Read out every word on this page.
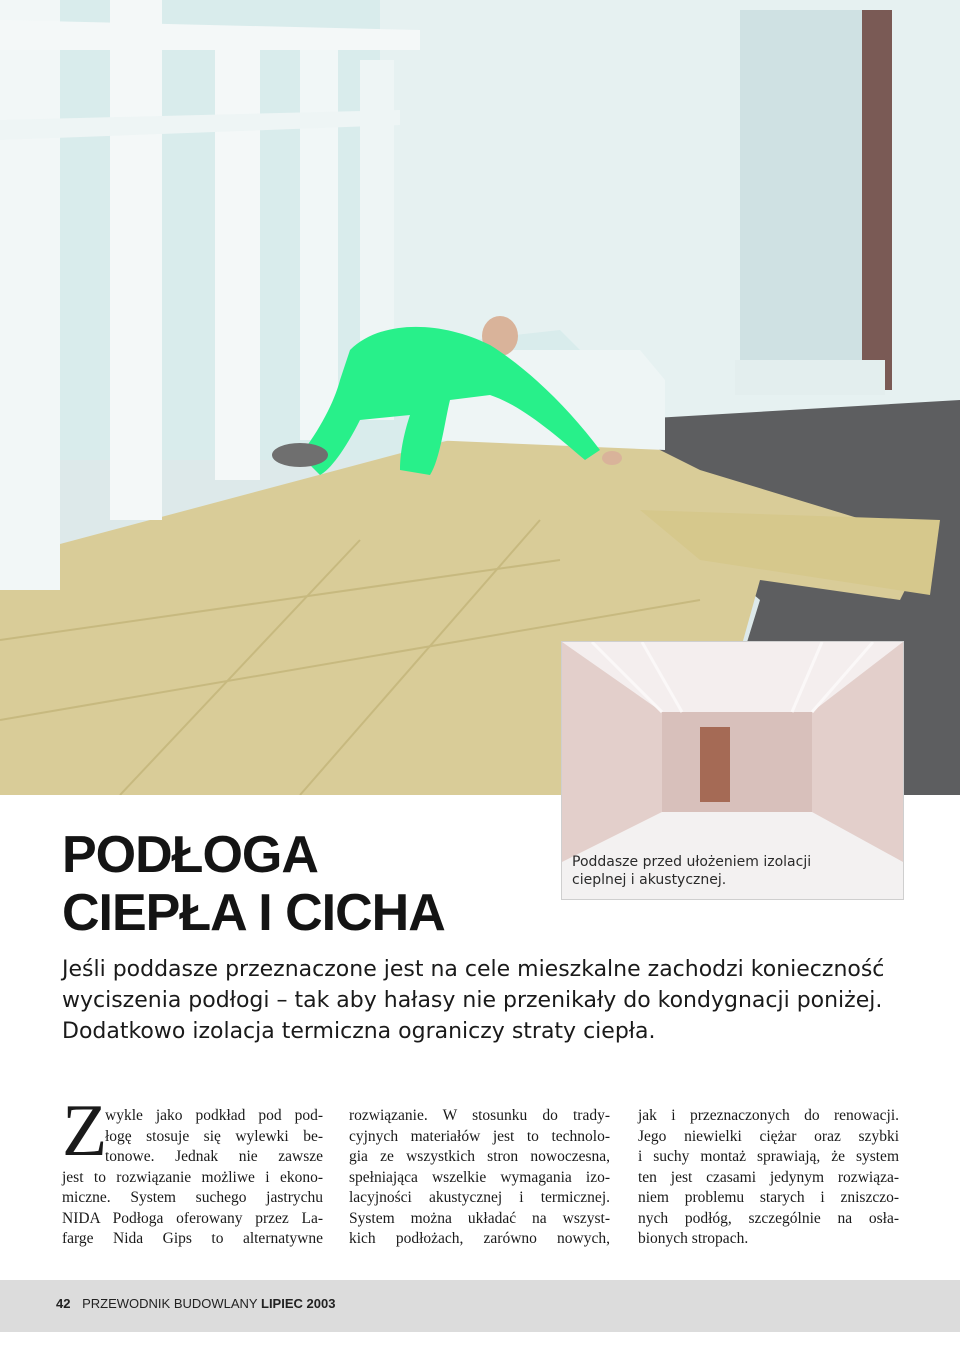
Poddasze przed ułożeniem izolacji
cieplnej i akustycznej.
PODŁOGA
CIEPŁA I CICHA

Jeśli poddasze przeznaczone jest na cele mieszkalne zachodzi konieczność
wyciszenia podłogi – tak aby hałasy nie przenikały do kondygnacji poniżej.
Dodatkowo izolacja termiczna ograniczy straty ciepła.

Z
wykle jako podkład pod pod-
łogę stosuje się wylewki be-
tonowe. Jednak nie zawsze
jest to rozwiązanie możliwe i ekono-
miczne. System suchego jastrychu
NIDA Podłoga oferowany przez La-
farge Nida Gips to alternatywne
rozwiązanie. W stosunku do trady-
cyjnych materiałów jest to technolo-
gia ze wszystkich stron nowoczesna,
spełniająca wszelkie wymagania izo-
lacyjności akustycznej i termicznej.
System można układać na wszyst-
kich podłożach, zarówno nowych,
jak i przeznaczonych do renowacji.
Jego niewielki ciężar oraz szybki
i suchy montaż sprawiają, że system
ten jest czasami jedynym rozwiąza-
niem problemu starych i zniszczo-
nych podłóg, szczególnie na osła-
bionych stropach.
42 PRZEWODNIK BUDOWLANY LIPIEC 2003
